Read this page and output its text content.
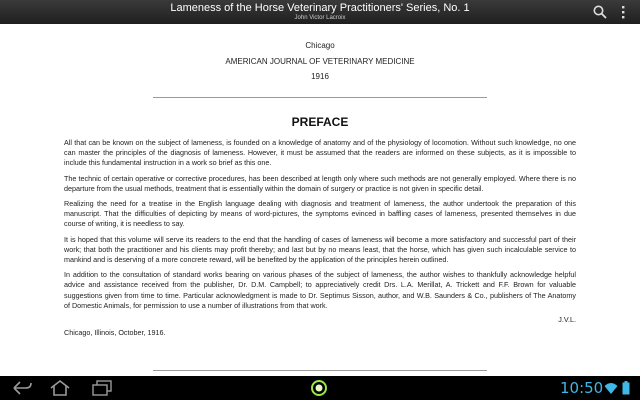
Lameness of the Horse Veterinary Practitioners' Series, No. 1
John Victor Lacroix
Chicago
AMERICAN JOURNAL OF VETERINARY MEDICINE
1916
PREFACE

All that can be known on the subject of lameness, is founded on a knowledge of anatomy and of the physiology of locomotion. Without such knowledge, no one can master the principles of the diagnosis of lameness. However, it must be assumed that the readers are informed on these subjects, as it is impossible to include this fundamental instruction in a work so brief as this one.

The technic of certain operative or corrective procedures, has been described at length only where such methods are not generally employed. Where there is no departure from the usual methods, treatment that is essentially within the domain of surgery or practice is not given in specific detail.

Realizing the need for a treatise in the English language dealing with diagnosis and treatment of lameness, the author undertook the preparation of this manuscript. That the difficulties of depicting by means of word-pictures, the symptoms evinced in baffling cases of lameness, presented themselves in due course of writing, it is needless to say.

It is hoped that this volume will serve its readers to the end that the handling of cases of lameness will become a more satisfactory and successful part of their work; that both the practitioner and his clients may profit thereby; and last but by no means least, that the horse, which has given such incalculable service to mankind and is deserving of a more concrete reward, will be benefited by the application of the principles herein outlined.

In addition to the consultation of standard works bearing on various phases of the subject of lameness, the author wishes to thankfully acknowledge helpful advice and assistance received from the publisher, Dr. D.M. Campbell; to appreciatively credit Drs. L.A. Merillat, A. Trickett and F.F. Brown for valuable suggestions given from time to time. Particular acknowledgment is made to Dr. Septimus Sisson, author, and W.B. Saunders & Co., publishers of The Anatomy of Domestic Animals, for permission to use a number of illustrations from that work.

J.V.L.

Chicago, Illinois, October, 1916.

10:50
